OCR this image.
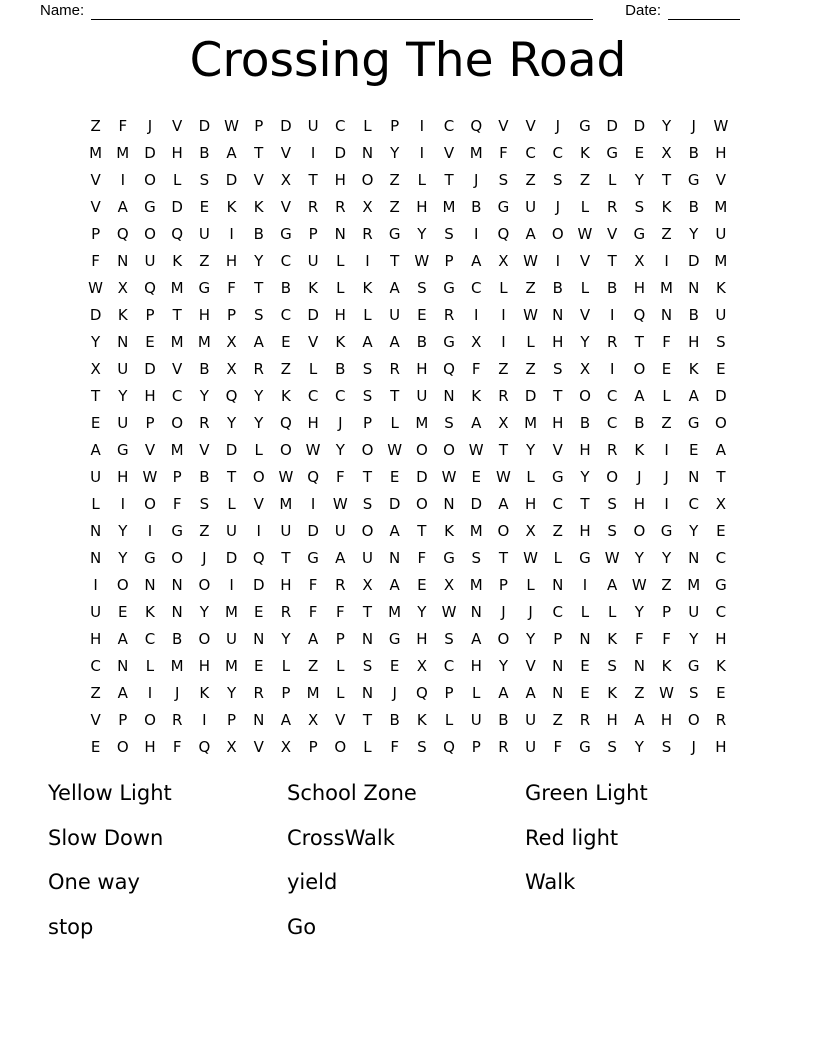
Name:	Date:
Crossing The Road
Z	F	J	V	D W	P	D	U	C	L	P	I	C	Q	V	V	J	G	D	D	Y	J	W
M M D	H	B	A	T	V	I	D	N	Y	I	V	M	F	C	C	K	G	E	X	B	H
V	I	O	L	S	D	V	X	T	H	O	Z	L	T	J	S	Z	S	Z	L	Y	T	G	V
V	A	G	D	E	K	K	V	R	R	X	Z	H	M	B	G	U	J	L	R	S	K	B	M
P	Q	O	Q	U	I	B	G	P	N	R	G	Y	S	I	Q	A	O W V	G	Z	Y	U
F	N	U	K	Z	H	Y	C	U	L	I	T	W	P	A	X W	I	V	T	X	I	D M
W X	Q M G	F	T	B	K	L	K	A	S	G	C	L	Z	B	L	B	H	M	N	K
D	K	P	T	H	P	S	C	D	H	L	U	E	R	I	I	W N	V	I	Q	N	B	U
Y	N	E	M M	X	A	E	V	K	A	A	B	G	X	I	L	H	Y	R	T	F	H	S
X	U	D	V	B	X	R	Z	L	B	S	R	H	Q	F	Z	Z	S	X	I	O	E	K	E
T	Y	H	C	Y	Q	Y	K	C	C	S	T	U	N	K	R	D	T	O	C	A	L	A	D
E	U	P	O	R	Y	Y	Q	H	J	P	L	M	S	A	X	M	H	B	C	B	Z	G	O
A	G	V	M	V	D	L	O W	Y	O W O	O W	T	Y	V	H	R	K	I	E	A
U	H W	P	B	T	O W Q	F	T	E	D W	E	W	L	G	Y	O	J	J	N	T
L	I	O	F	S	L	V	M	I	W	S	D	O	N	D	A	H	C	T	S	H	I	C	X
N	Y	I	G	Z	U	I	U	D	U	O	A	T	K	M O	X	Z	H	S	O	G	Y	E
N	Y	G	O	J	D	Q	T	G	A	U	N	F	G	S	T	W	L	G W	Y	Y	N	C
I	O	N	N	O	I	D	H	F	R	X	A	E	X	M	P	L	N	I	A W Z	M G
U	E	K	N	Y	M	E	R	F	F	T	M	Y	W N	J	J	C	L	L	Y	P	U	C
H	A	C	B	O	U	N	Y	A	P	N	G	H	S	A	O	Y	P	N	K	F	F	Y	H
C	N	L	M	H	M	E	L	Z	L	S	E	X	C	H	Y	V	N	E	S	N	K	G	K
Z	A	I	J	K	Y	R	P	M	L	N	J	Q	P	L	A	A	N	E	K	Z W	S	E
V	P	O	R	I	P	N	A	X	V	T	B	K	L	U	B	U	Z	R	H	A	H	O	R
E	O	H	F	Q	X	V	X	P	O	L	F	S	Q	P	R	U	F	G	S	Y	S	J	H
Yellow Light
Slow Down
One way
stop
School Zone
CrossWalk
yield
Go
Green Light
Red light
Walk
